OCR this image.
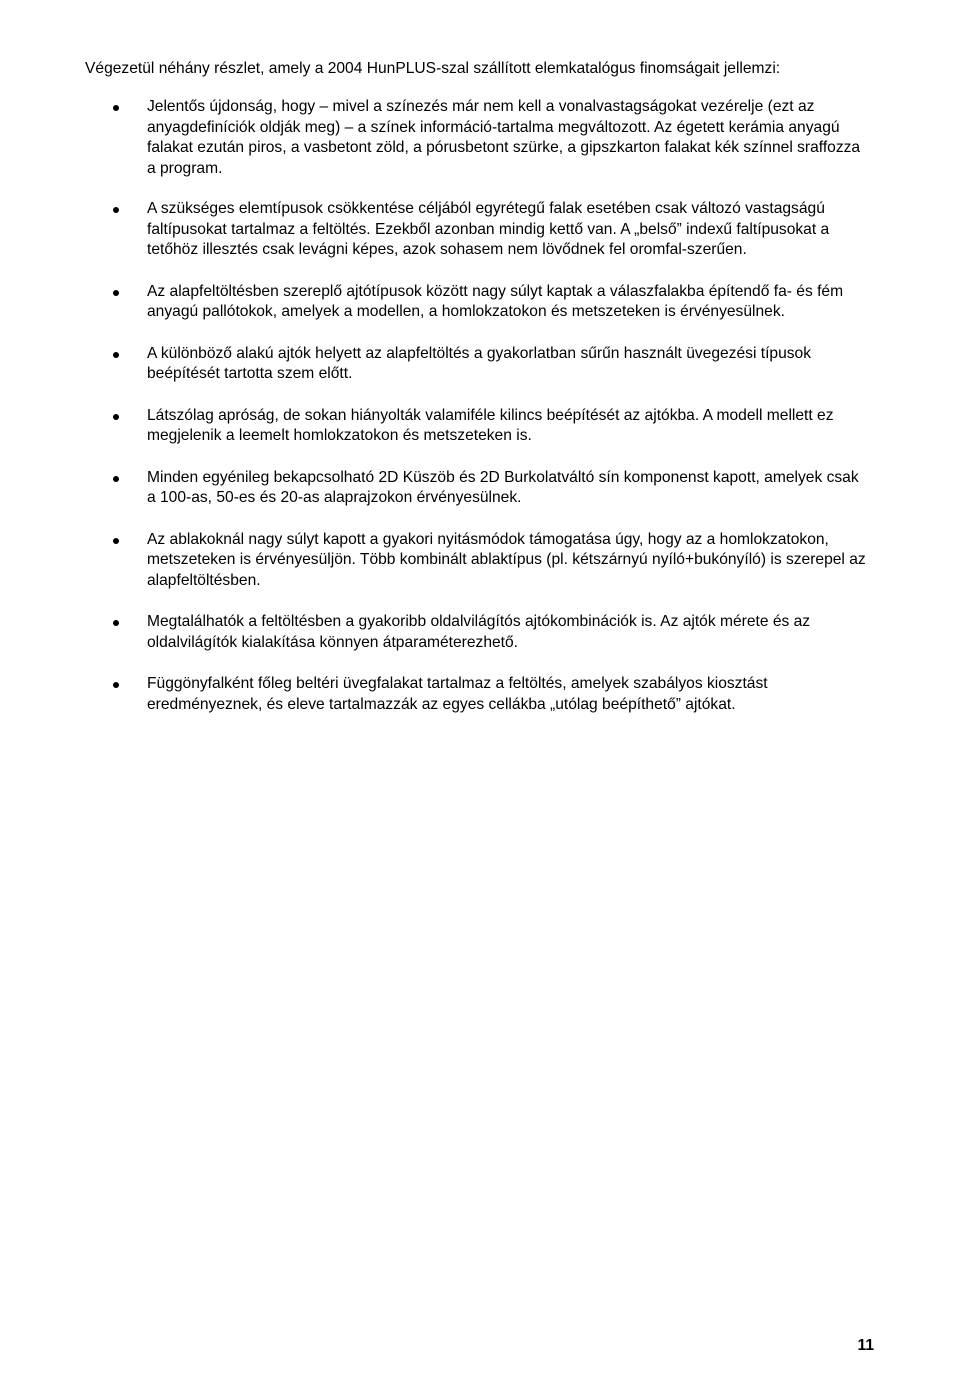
Végezetül néhány részlet, amely a 2004 HunPLUS-szal szállított elemkatalógus finomságait jellemzi:

Jelentős újdonság, hogy – mivel a színezés már nem kell a vonalvastagságokat vezérelje (ezt az anyagdefiníciók oldják meg) – a színek információ-tartalma megváltozott. Az égetett kerámia anyagú falakat ezután piros, a vasbetont zöld, a pórusbetont szürke, a gipszkarton falakat kék színnel sraffozza a program.
A szükséges elemtípusok csökkentése céljából egyrétegű falak esetében csak változó vastagságú faltípusokat tartalmaz a feltöltés. Ezekből azonban mindig kettő van. A „belső” indexű faltípusokat a tetőhöz illesztés csak levágni képes, azok sohasem nem lövődnek fel oromfal-szerűen.
Az alapfeltöltésben szereplő ajtótípusok között nagy súlyt kaptak a válaszfalakba építendő fa- és fém anyagú pallótokok, amelyek a modellen, a homlokzatokon és metszeteken is érvényesülnek.
A különböző alakú ajtók helyett az alapfeltöltés a gyakorlatban sűrűn használt üvegezési típusok beépítését tartotta szem előtt.
Látszólag apróság, de sokan hiányolták valamiféle kilincs beépítését az ajtókba. A modell mellett ez megjelenik a leemelt homlokzatokon és metszeteken is.
Minden egyénileg bekapcsolható 2D Küszöb és 2D Burkolatváltó sín komponenst kapott, amelyek csak a 100-as, 50-es és 20-as alaprajzokon érvényesülnek.
Az ablakoknál nagy súlyt kapott a gyakori nyitásmódok támogatása úgy, hogy az a homlokzatokon, metszeteken is érvényesüljön. Több kombinált ablaktípus (pl. kétszárnyú nyíló+bukónyíló) is szerepel az alapfeltöltésben.
Megtalálhatók a feltöltésben a gyakoribb oldalvilágítós ajtókombinációk is. Az ajtók mérete és az oldalvilágítók kialakítása könnyen átparaméterezhető.
Függönyfalként főleg beltéri üvegfalakat tartalmaz a feltöltés, amelyek szabályos kiosztást eredményeznek, és eleve tartalmazzák az egyes cellákba „utólag beépíthető” ajtókat.
11
